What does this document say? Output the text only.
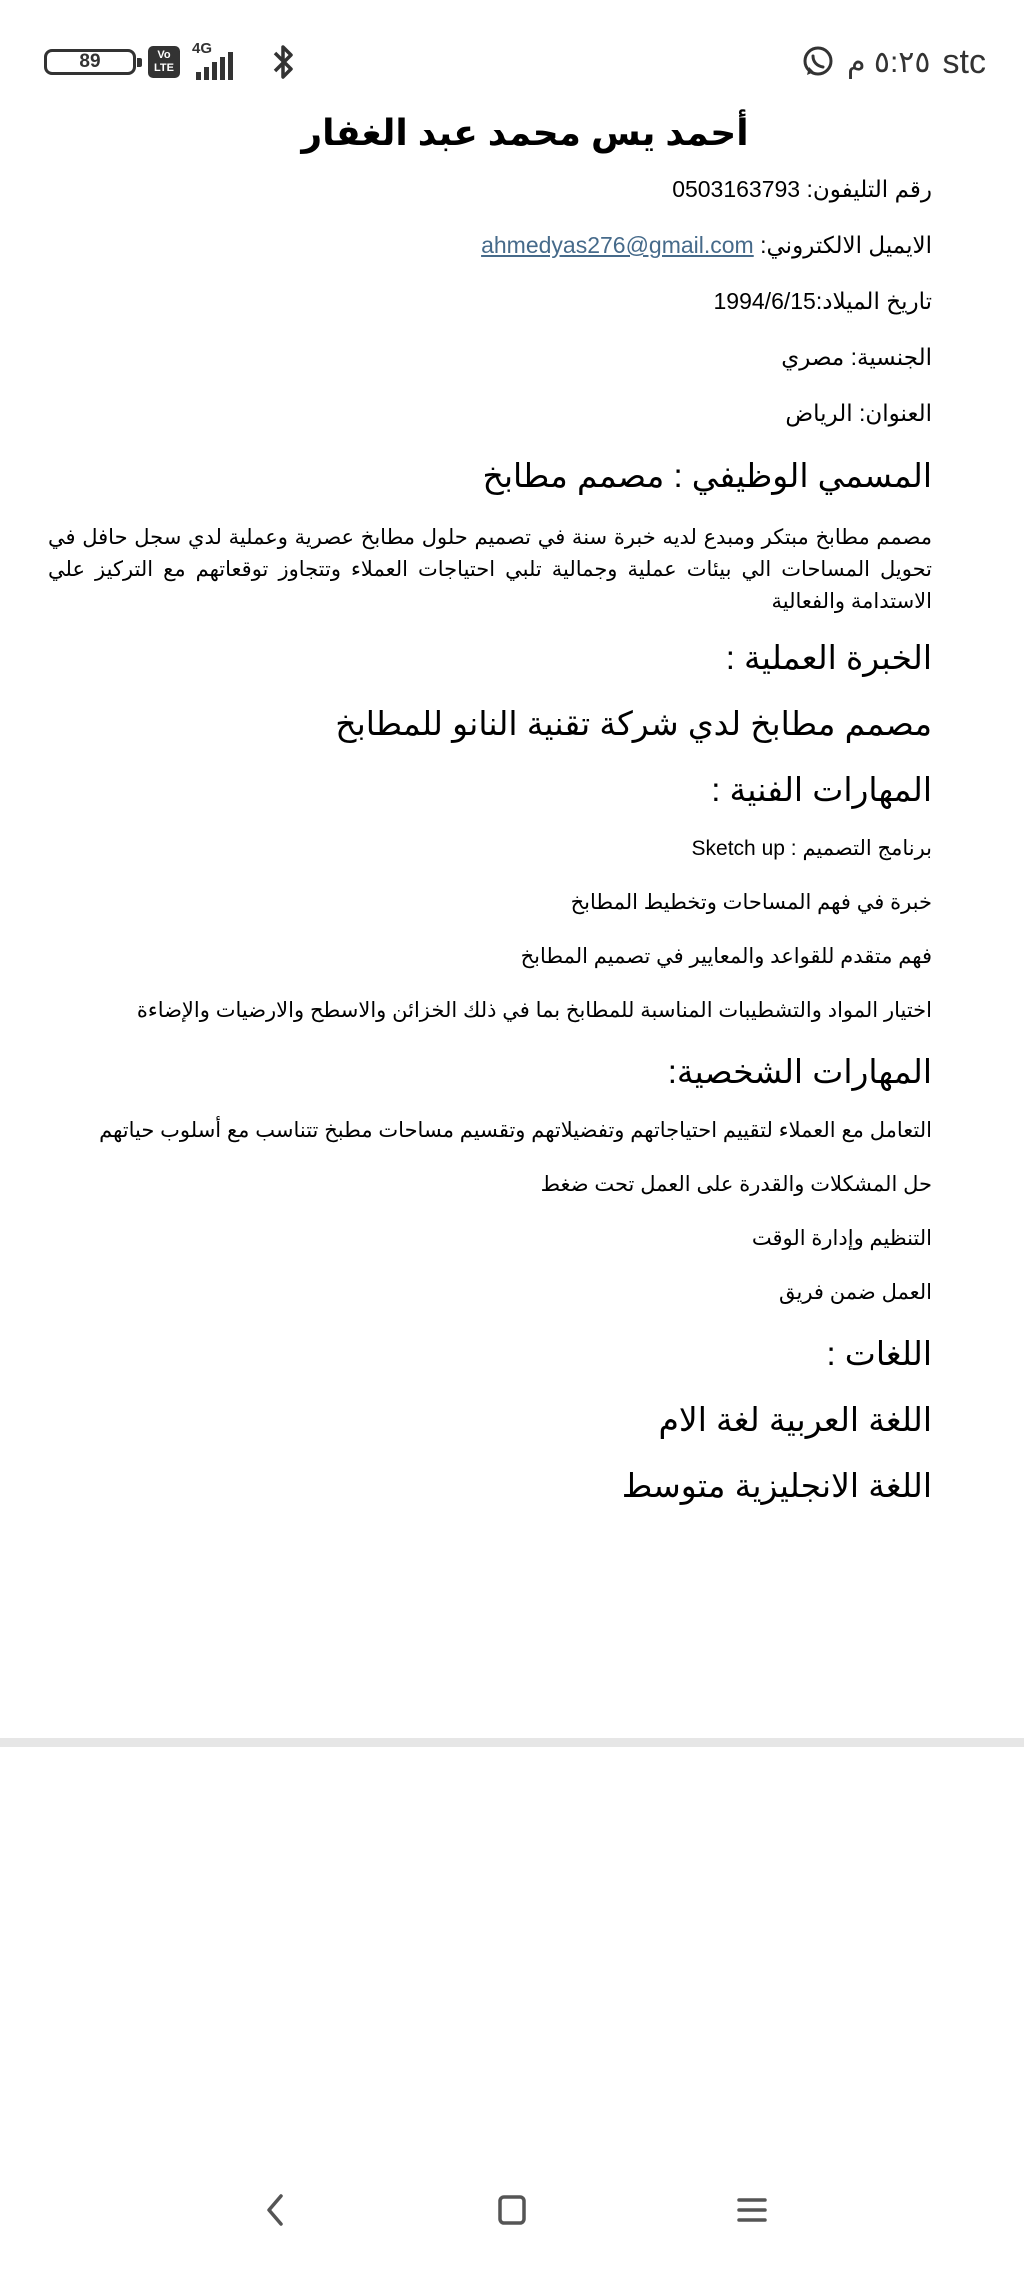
89	Vo
LTE
4G	٥:٢٥ م stc
أحمد يس محمد عبد الغفار

رقم التليفون: 0503163793

الايميل الالكتروني: ahmedyas276@gmail.com

تاريخ الميلاد:1994/6/15

الجنسية: مصري

العنوان: الرياض

المسمي الوظيفي : مصمم مطابخ

مصمم مطابخ مبتكر ومبدع لديه خبرة سنة في تصميم حلول مطابخ عصرية وعملية لدي سجل حافل في تحويل المساحات الي بيئات عملية وجمالية تلبي احتياجات العملاء وتتجاوز توقعاتهم مع التركيز علي الاستدامة والفعالية

الخبرة العملية :
مصمم مطابخ لدي شركة تقنية النانو للمطابخ
المهارات الفنية :

برنامج التصميم : Sketch up

خبرة في فهم المساحات وتخطيط المطابخ

فهم متقدم للقواعد والمعايير في تصميم المطابخ

اختيار المواد والتشطيبات المناسبة للمطابخ بما في ذلك الخزائن والاسطح والارضيات والإضاءة

المهارات الشخصية:

التعامل مع العملاء لتقييم احتياجاتهم وتفضيلاتهم وتقسيم مساحات مطبخ تتناسب مع أسلوب حياتهم

حل المشكلات والقدرة على العمل تحت ضغط

التنظيم وإدارة الوقت

العمل ضمن فريق

اللغات :
اللغة العربية لغة الام
اللغة الانجليزية متوسط
